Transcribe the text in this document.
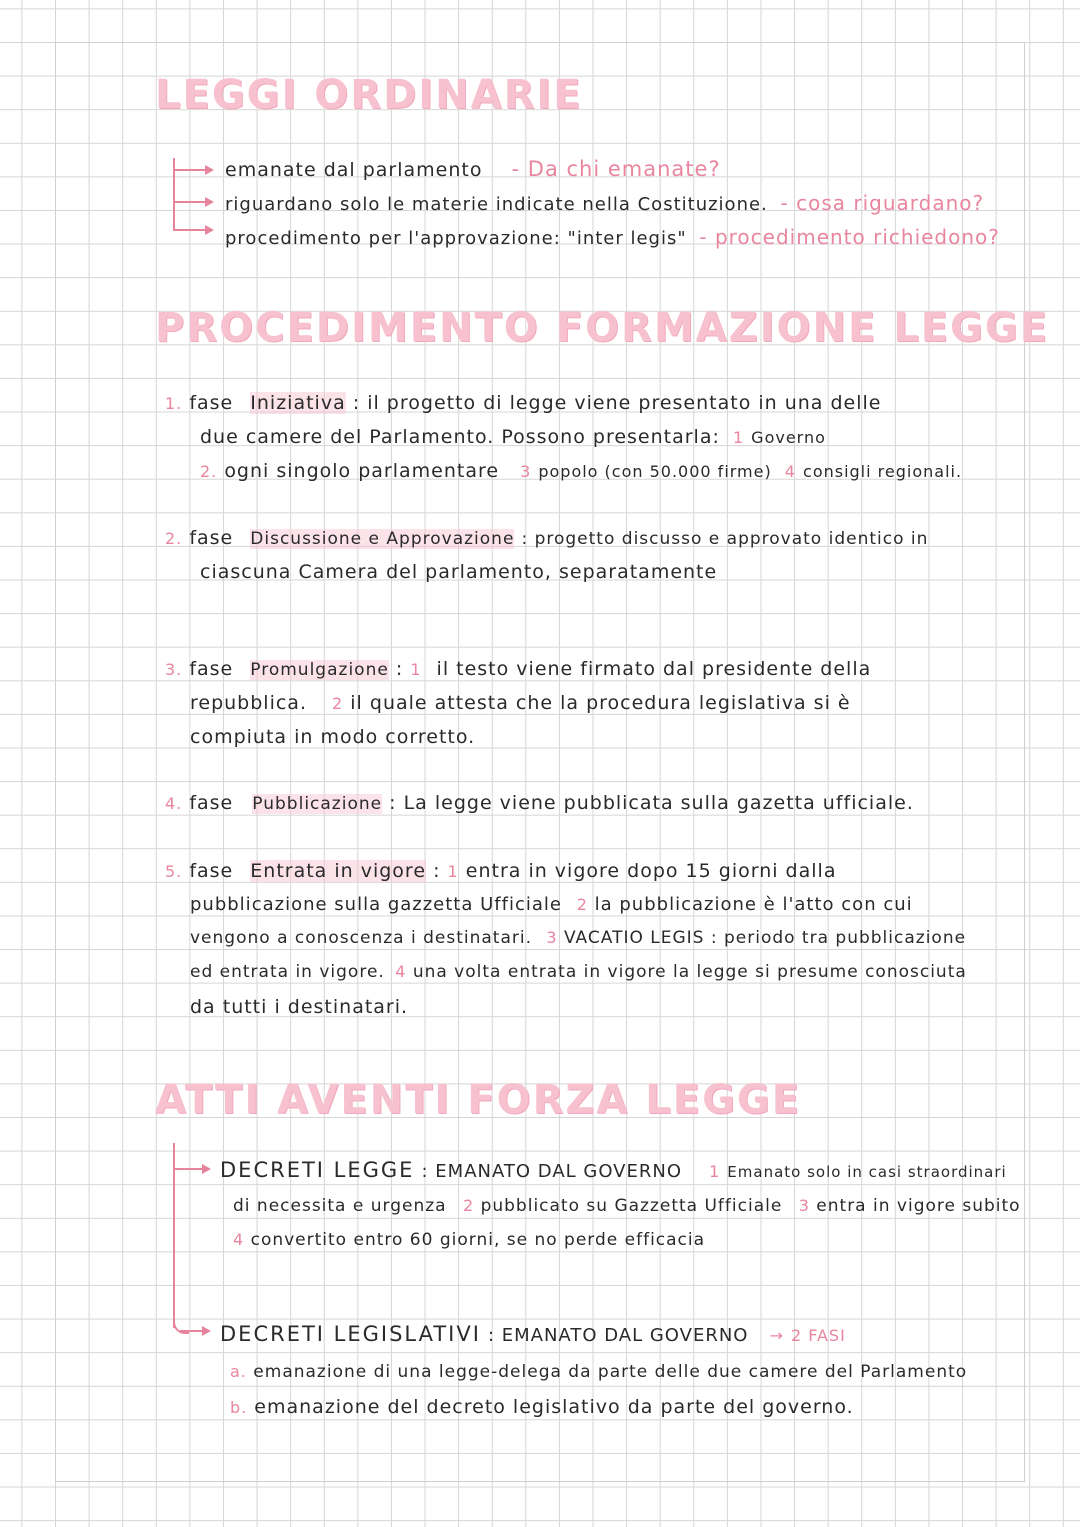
LEGGI ORDINARIE
emanate dal parlamento - Da chi emanate?
riguardano solo le materie indicate nella Costituzione. - cosa riguardano?
procedimento per l'approvazione: "inter legis" - procedimento richiedono?
PROCEDIMENTO FORMAZIONE LEGGE
1. fase Iniziativa : il progetto di legge viene presentato in una delle
due camere del Parlamento. Possono presentarla: 1 Governo
2. ogni singolo parlamentare 3 popolo (con 50.000 firme) 4 consigli regionali.
2. fase Discussione e Approvazione : progetto discusso e approvato identico in
ciascuna Camera del parlamento, separatamente
3. fase Promulgazione : 1 il testo viene firmato dal presidente della
repubblica. 2 il quale attesta che la procedura legislativa si è
compiuta in modo corretto.
4. fase Pubblicazione : La legge viene pubblicata sulla gazetta ufficiale.
5. fase Entrata in vigore : 1 entra in vigore dopo 15 giorni dalla
pubblicazione sulla gazzetta Ufficiale 2 la pubblicazione è l'atto con cui
vengono a conoscenza i destinatari. 3 VACATIO LEGIS : periodo tra pubblicazione
ed entrata in vigore. 4 una volta entrata in vigore la legge si presume conosciuta
da tutti i destinatari.
ATTI AVENTI FORZA LEGGE
DECRETI LEGGE : EMANATO DAL GOVERNO 1 Emanato solo in casi straordinari
di necessita e urgenza 2 pubblicato su Gazzetta Ufficiale 3 entra in vigore subito
4 convertito entro 60 giorni, se no perde efficacia
DECRETI LEGISLATIVI : EMANATO DAL GOVERNO → 2 FASI
a. emanazione di una legge-delega da parte delle due camere del Parlamento
b. emanazione del decreto legislativo da parte del governo.
